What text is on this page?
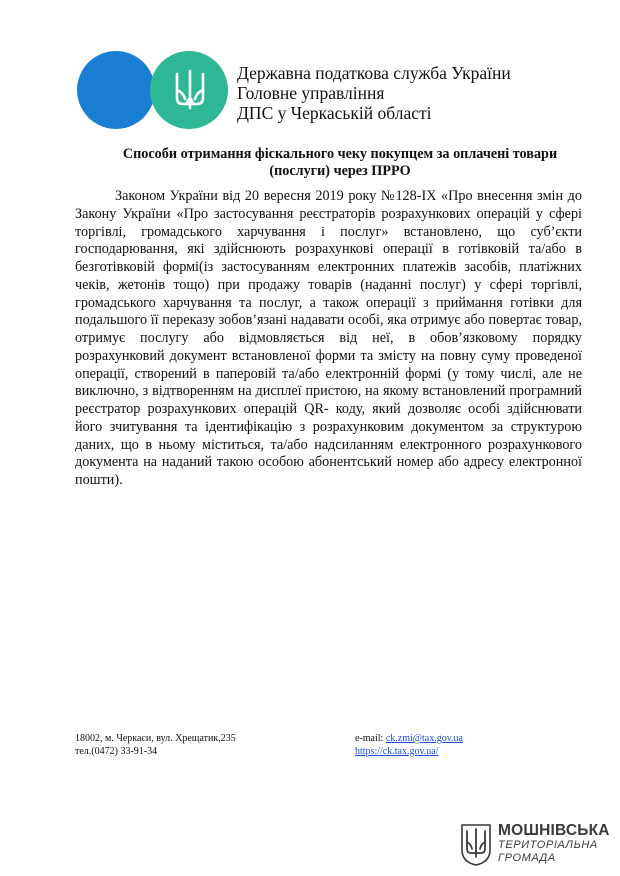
Державна податкова служба України
Головне управління
ДПС у Черкаській області
Способи отримання фіскального чеку покупцем за оплачені товари
(послуги) через ПРРО
Законом України від 20 вересня 2019 року №128-ІХ «Про внесення змін до Закону України «Про застосування реєстраторів розрахункових операцій у сфері торгівлі, громадського харчування і послуг» встановлено, що суб’єкти господарювання, які здійснюють розрахункові операції в готівковій та/або в безготівковій формі(із застосуванням електронних платежів засобів, платіжних чеків, жетонів тощо) при продажу товарів (наданні послуг) у сфері торгівлі, громадського харчування та послуг, а також операції з приймання готівки для подальшого її переказу зобов’язані надавати особі, яка отримує або повертає товар, отримує послугу або відмовляється від неї, в обов’язковому порядку розрахунковий документ встановленої форми та змісту на повну суму проведеної операції, створений в паперовій та/або електронній формі (у тому числі, але не виключно, з відтворенням на дисплеї пристою, на якому встановлений програмний реєстратор розрахункових операцій QR- коду, який дозволяє особі здійснювати його зчитування та ідентифікацію з розрахунковим документом за структурою даних, що в ньому міститься, та/або надсиланням електронного розрахункового документа на наданий такою особою абонентський номер або адресу електронної пошти).
18002, м. Черкаси, вул. Хрещатик,235
тел.(0472) 33-91-34
e-mail: ck.zmi@tax.gov.ua
https://ck.tax.gov.ua/
МОШНІВСЬКА
ТЕРИТОРІАЛЬНА
ГРОМАДА
